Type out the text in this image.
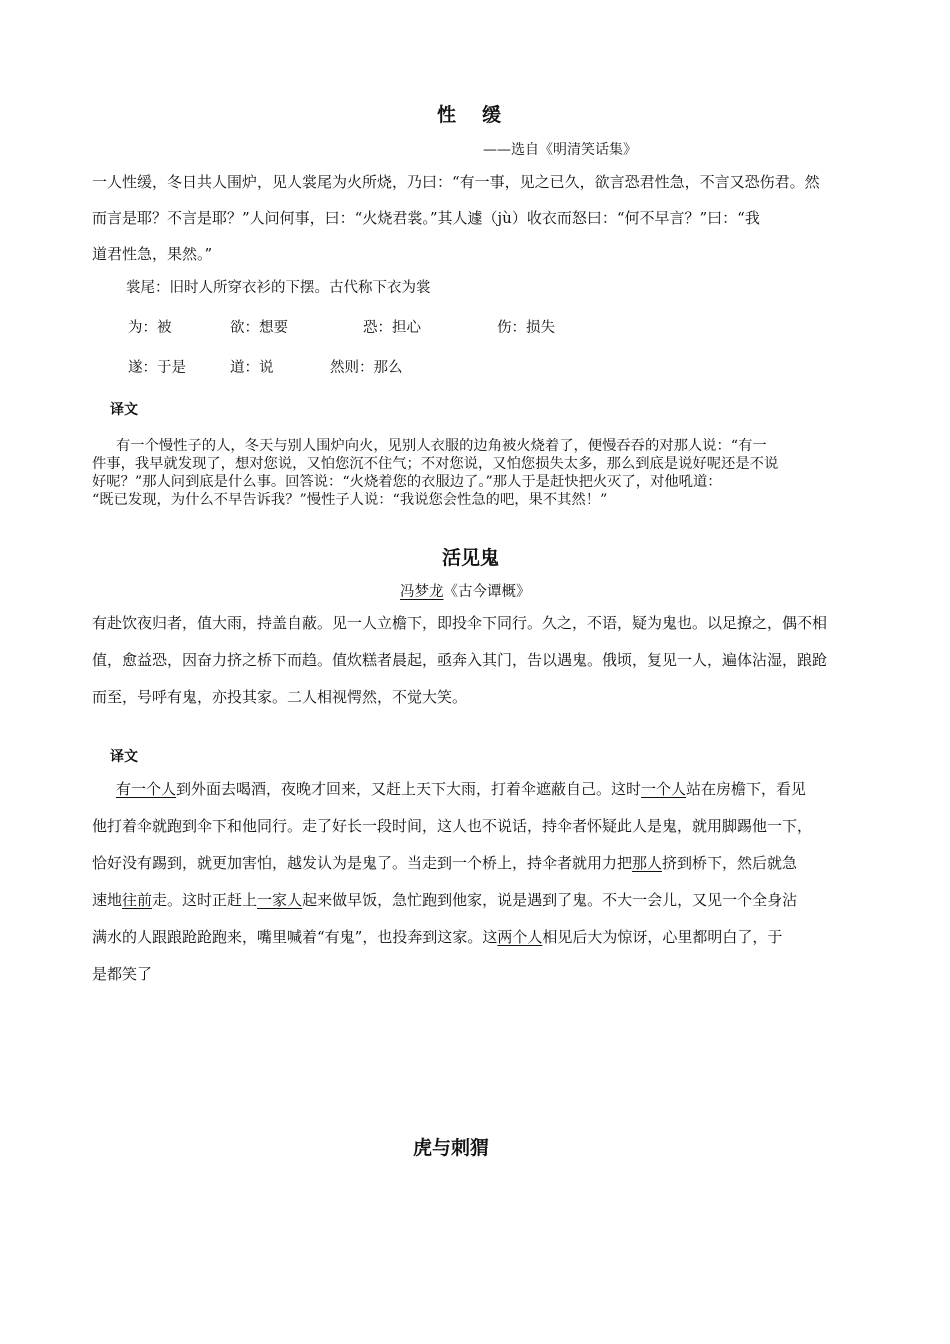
性缓
——选自《明清笑话集》
一人性缓，冬日共人围炉，见人裳尾为火所烧，乃曰：“有一事，见之已久，欲言恐君性急，不言又恐伤君。然
而言是耶？不言是耶？”人问何事，曰：“火烧君裳。”其人遽（jù）收衣而怒曰：“何不早言？”曰：“我
道君性急，果然。”
裳尾：旧时人所穿衣衫的下摆。古代称下衣为裳
为：被	欲：想要	恐：担心	伤：损失
遂：于是	道：说	然则：那么
译文
有一个慢性子的人，冬天与别人围炉向火，见别人衣服的边角被火烧着了，便慢吞吞的对那人说：“有一
件事，我早就发现了，想对您说，又怕您沉不住气；不对您说，又怕您损失太多，那么到底是说好呢还是不说
好呢？”那人问到底是什么事。回答说：“火烧着您的衣服边了。”那人于是赶快把火灭了，对他吼道：
“既已发现，为什么不早告诉我？”慢性子人说：“我说您会性急的吧，果不其然！”
活见鬼
冯梦龙《古今谭概》
有赴饮夜归者，值大雨，持盖自蔽。见一人立檐下，即投伞下同行。久之，不语，疑为鬼也。以足撩之，偶不相
值，愈益恐，因奋力挤之桥下而趋。值炊糕者晨起，亟奔入其门，告以遇鬼。俄顷，复见一人，遍体沾湿，踉跄
而至，号呼有鬼，亦投其家。二人相视愕然，不觉大笑。
译文
有一个人到外面去喝酒，夜晚才回来，又赶上天下大雨，打着伞遮蔽自己。这时一个人站在房檐下，看见
他打着伞就跑到伞下和他同行。走了好长一段时间，这人也不说话，持伞者怀疑此人是鬼，就用脚踢他一下，
恰好没有踢到，就更加害怕，越发认为是鬼了。当走到一个桥上，持伞者就用力把那人挤到桥下，然后就急
速地往前走。这时正赶上一家人起来做早饭，急忙跑到他家，说是遇到了鬼。不大一会儿，又见一个全身沾
满水的人跟踉跄跄跑来，嘴里喊着“有鬼”，也投奔到这家。这两个人相见后大为惊讶，心里都明白了，于
是都笑了
虎与刺猬
